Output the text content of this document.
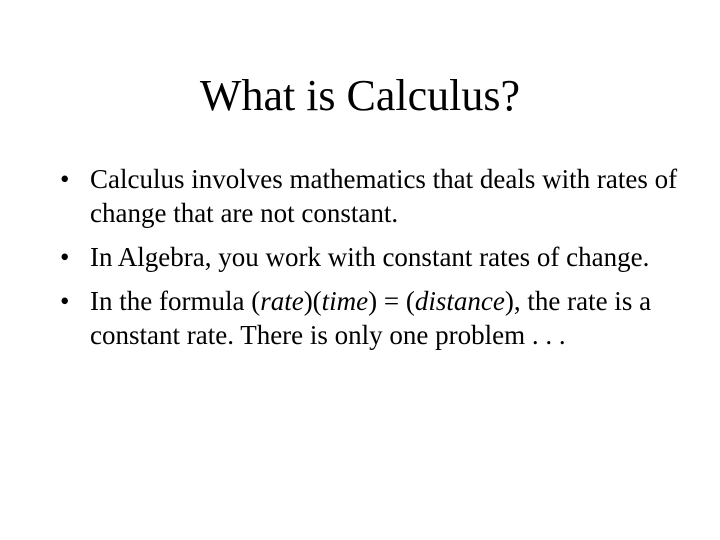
What is Calculus?
• Calculus involves mathematics that deals with rates of change that are not constant.
• In Algebra, you work with constant rates of change.
• In the formula (rate)(time) = (distance), the rate is a constant rate. There is only one problem . . .
